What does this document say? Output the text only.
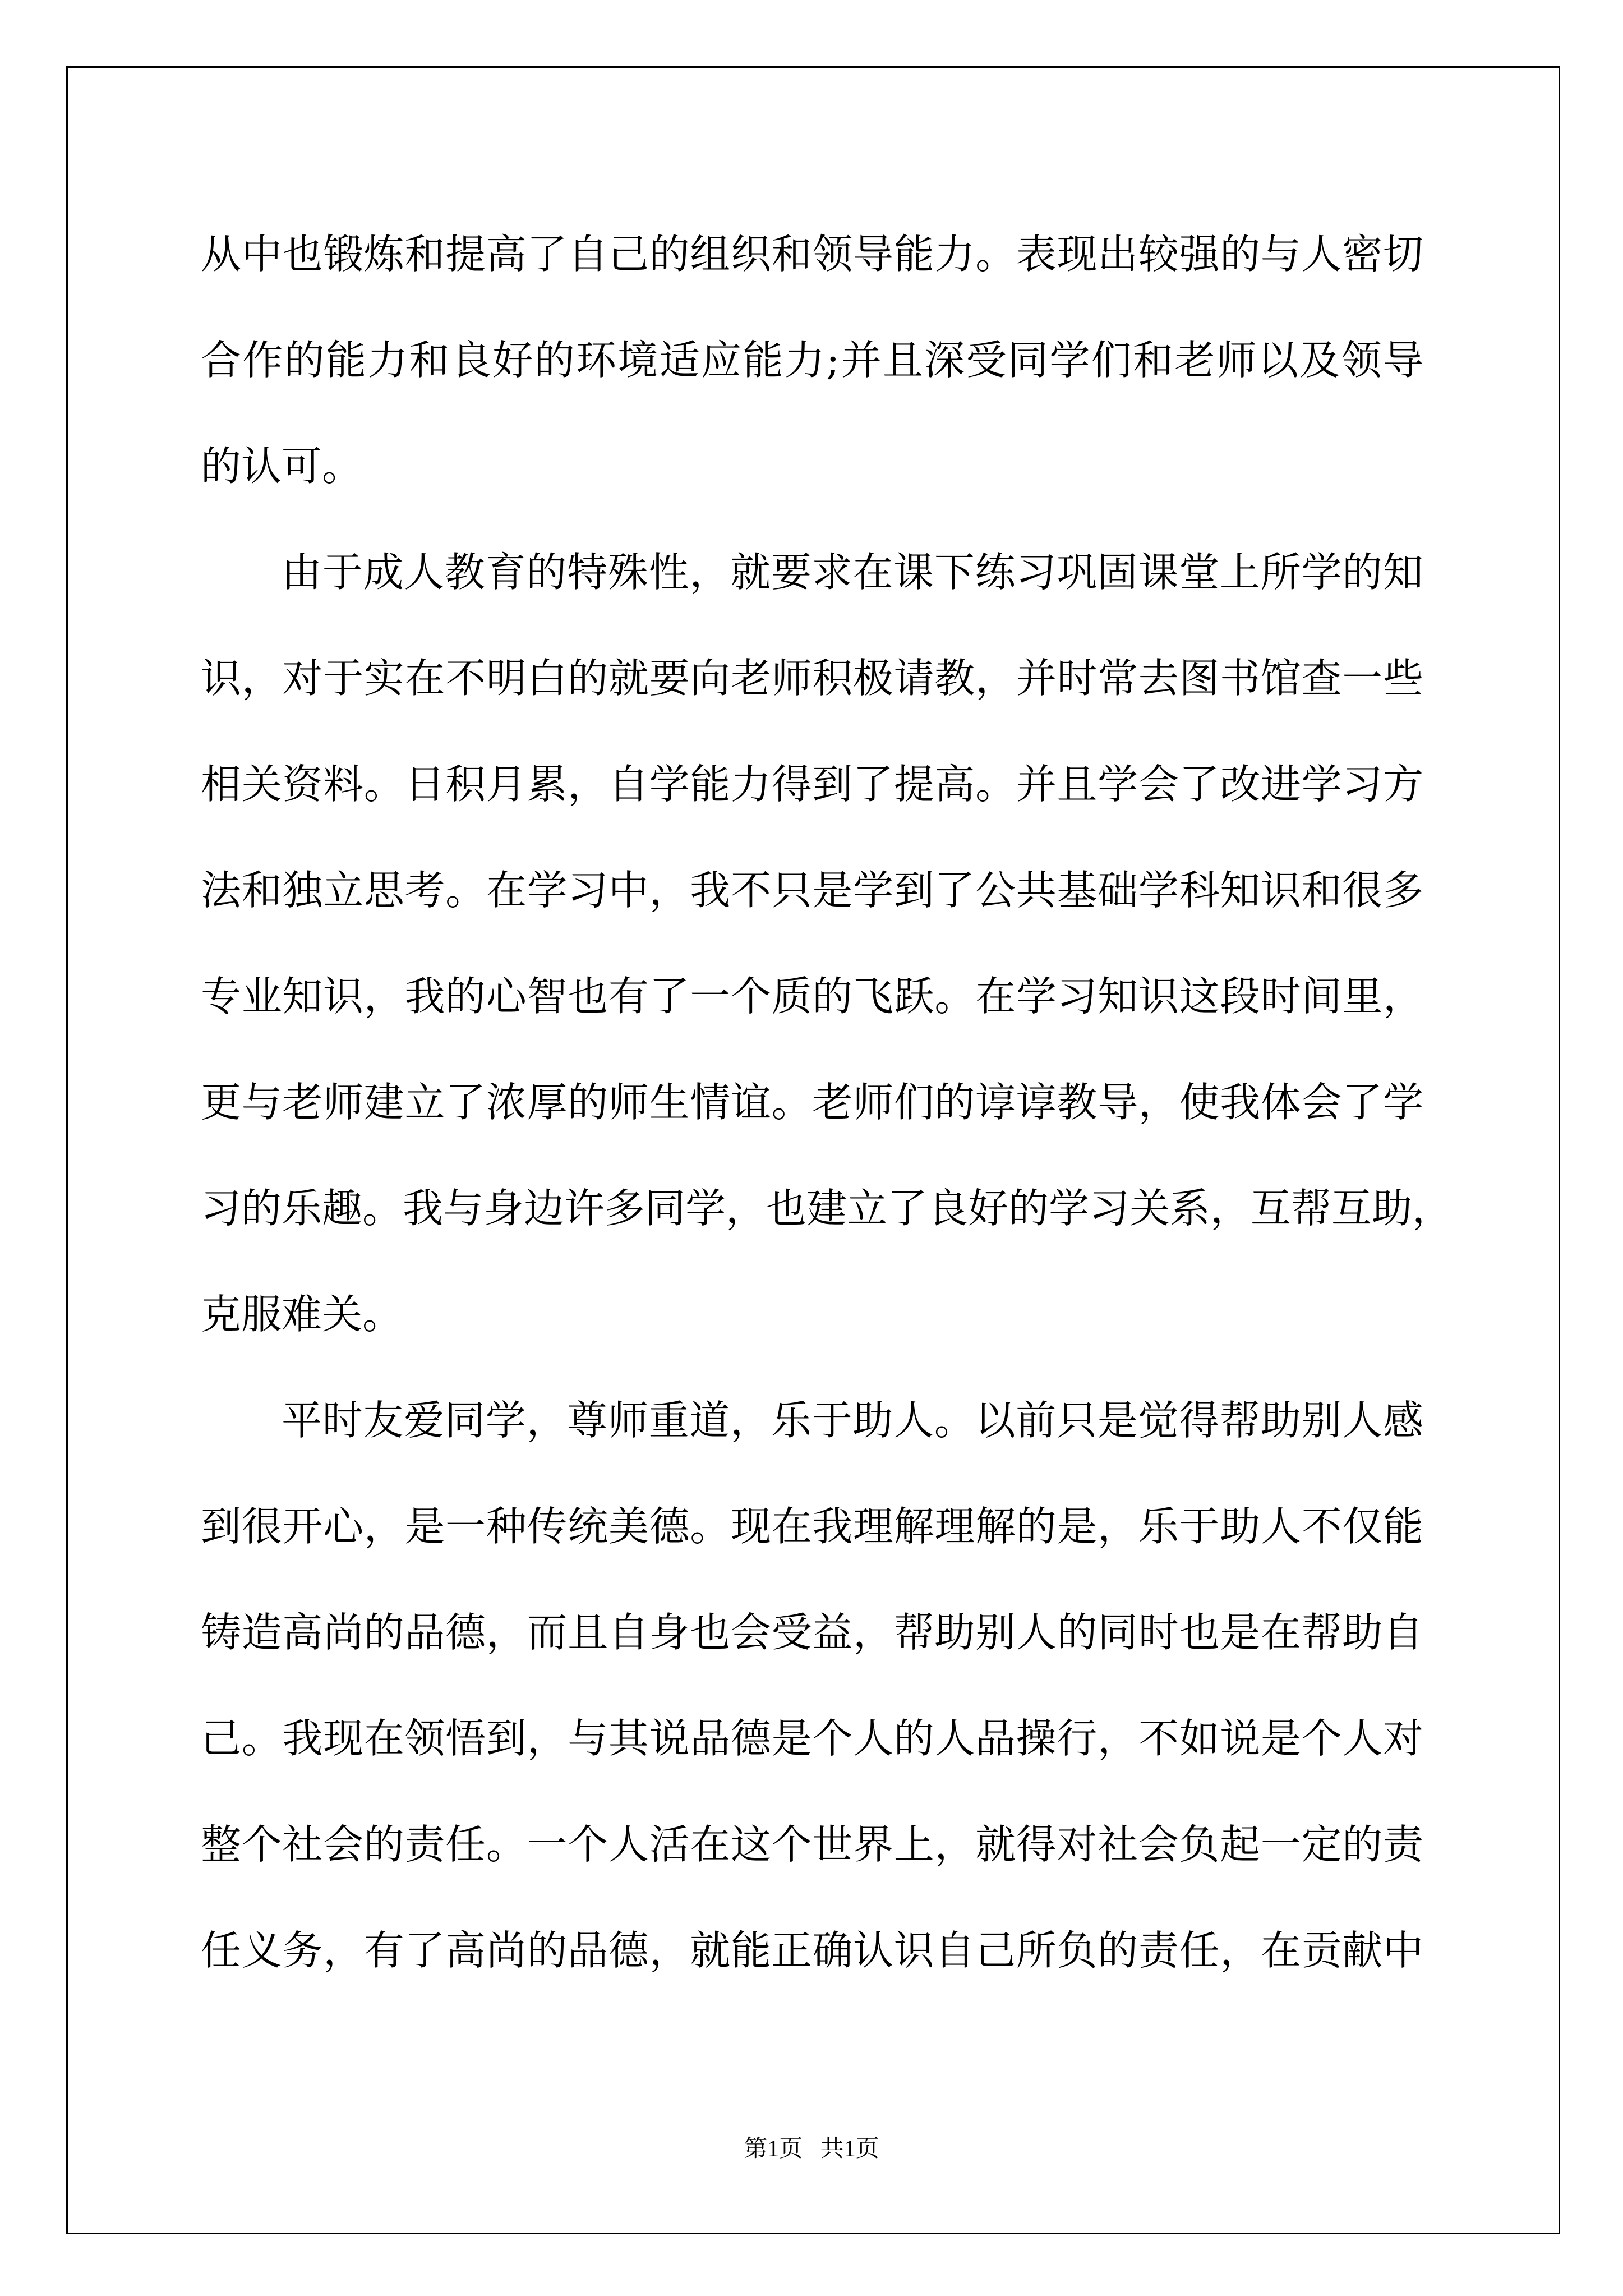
从中也锻炼和提高了自己的组织和领导能力。表现出较强的与人密切
合作的能力和良好的环境适应能力;并且深受同学们和老师以及领导
的认可。
由于成人教育的特殊性，就要求在课下练习巩固课堂上所学的知
识，对于实在不明白的就要向老师积极请教，并时常去图书馆查一些
相关资料。日积月累，自学能力得到了提高。并且学会了改进学习方
法和独立思考。在学习中，我不只是学到了公共基础学科知识和很多
专业知识，我的心智也有了一个质的飞跃。在学习知识这段时间里，
更与老师建立了浓厚的师生情谊。老师们的谆谆教导，使我体会了学
习的乐趣。我与身边许多同学，也建立了良好的学习关系，互帮互助，
克服难关。
平时友爱同学，尊师重道，乐于助人。以前只是觉得帮助别人感
到很开心，是一种传统美德。现在我理解理解的是，乐于助人不仅能
铸造高尚的品德，而且自身也会受益，帮助别人的同时也是在帮助自
己。我现在领悟到，与其说品德是个人的人品操行，不如说是个人对
整个社会的责任。一个人活在这个世界上，就得对社会负起一定的责
任义务，有了高尚的品德，就能正确认识自己所负的责任，在贡献中
第1页   共1页
